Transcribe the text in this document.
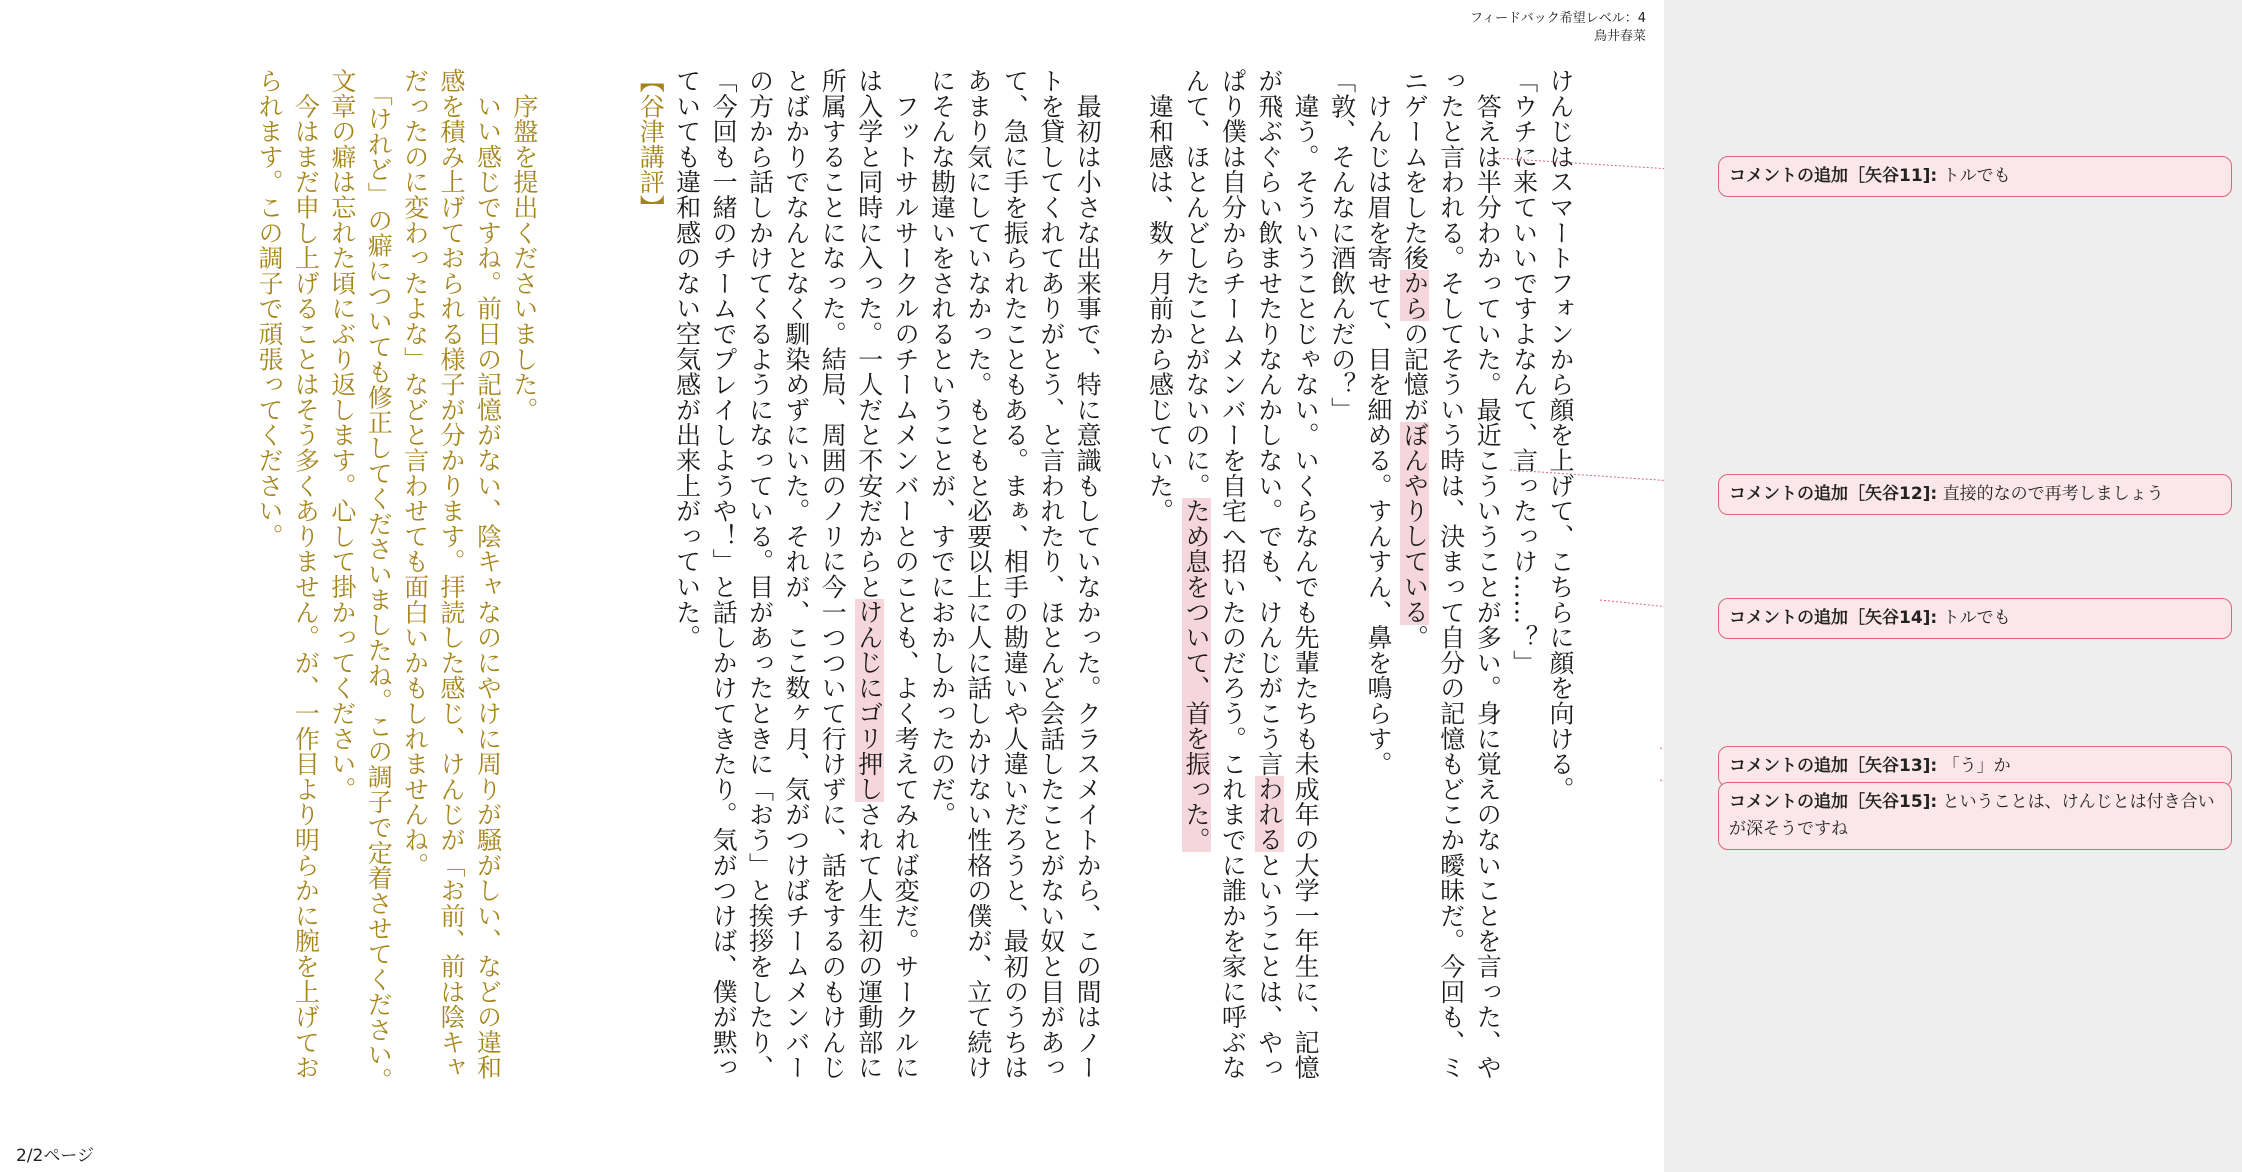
フィードバック希望レベル：4
鳥井春菜

けんじはスマートフォンから顔を上げて、こちらに顔を向ける。

「ウチに来ていいですよなんて、言ったっけ……？」

　答えは半分わかっていた。最近こういうことが多い。身に覚えのないことを言った、やったと言われる。そしてそういう時は、決まって自分の記憶もどこか曖昧だ。今回も、ミニゲームをした後からの記憶がぼんやりしている。

　けんじは眉を寄せて、目を細める。すんすん、鼻を鳴らす。

「敦、そんなに酒飲んだの？」

　違う。そういうことじゃない。いくらなんでも先輩たちも未成年の大学一年生に、記憶が飛ぶぐらい飲ませたりなんかしない。でも、けんじがこう言われるということは、やっぱり僕は自分からチームメンバーを自宅へ招いたのだろう。これまでに誰かを家に呼ぶなんて、ほとんどしたことがないのに。ため息をついて、首を振った。

　違和感は、数ヶ月前から感じていた。

　最初は小さな出来事で、特に意識もしていなかった。クラスメイトから、この間はノートを貸してくれてありがとう、と言われたり、ほとんど会話したことがない奴と目があって、急に手を振られたこともある。まぁ、相手の勘違いや人違いだろうと、最初のうちはあまり気にしていなかった。もともと必要以上に人に話しかけない性格の僕が、立て続けにそんな勘違いをされるということが、すでにおかしかったのだ。

　フットサルサークルのチームメンバーとのことも、よく考えてみれば変だ。サークルには入学と同時に入った。一人だと不安だからとけんじにゴリ押しされて人生初の運動部に所属することになった。結局、周囲のノリに今一つついて行けずに、話をするのもけんじとばかりでなんとなく馴染めずにいた。それが、ここ数ヶ月、気がつけばチームメンバーの方から話しかけてくるようになっている。目があったときに「おう」と挨拶をしたり、「今回も一緒のチームでプレイしようや！」と話しかけてきたり。気がつけば、僕が黙っていても違和感のない空気感が出来上がっていた。

【谷津講評】

　序盤を提出くださいました。

　いい感じですね。前日の記憶がない、陰キャなのにやけに周りが騒がしい、などの違和感を積み上げておられる様子が分かります。拝読した感じ、けんじが「お前、前は陰キャだったのに変わったよな」などと言わせても面白いかもしれませんね。

　「けれど」の癖についても修正してくださいましたね。この調子で定着させてください。文章の癖は忘れた頃にぶり返します。心して掛かってください。

　今はまだ申し上げることはそう多くありません。が、一作目より明らかに腕を上げておられます。この調子で頑張ってください。	コメントの追加［矢谷11]: トルでも
コメントの追加［矢谷12]: 直接的なので再考しましょう
コメントの追加［矢谷14]: トルでも
コメントの追加［矢谷13]: 「う」か
コメントの追加［矢谷15]: ということは、けんじとは付き合いが深そうですね
2/2ページ
